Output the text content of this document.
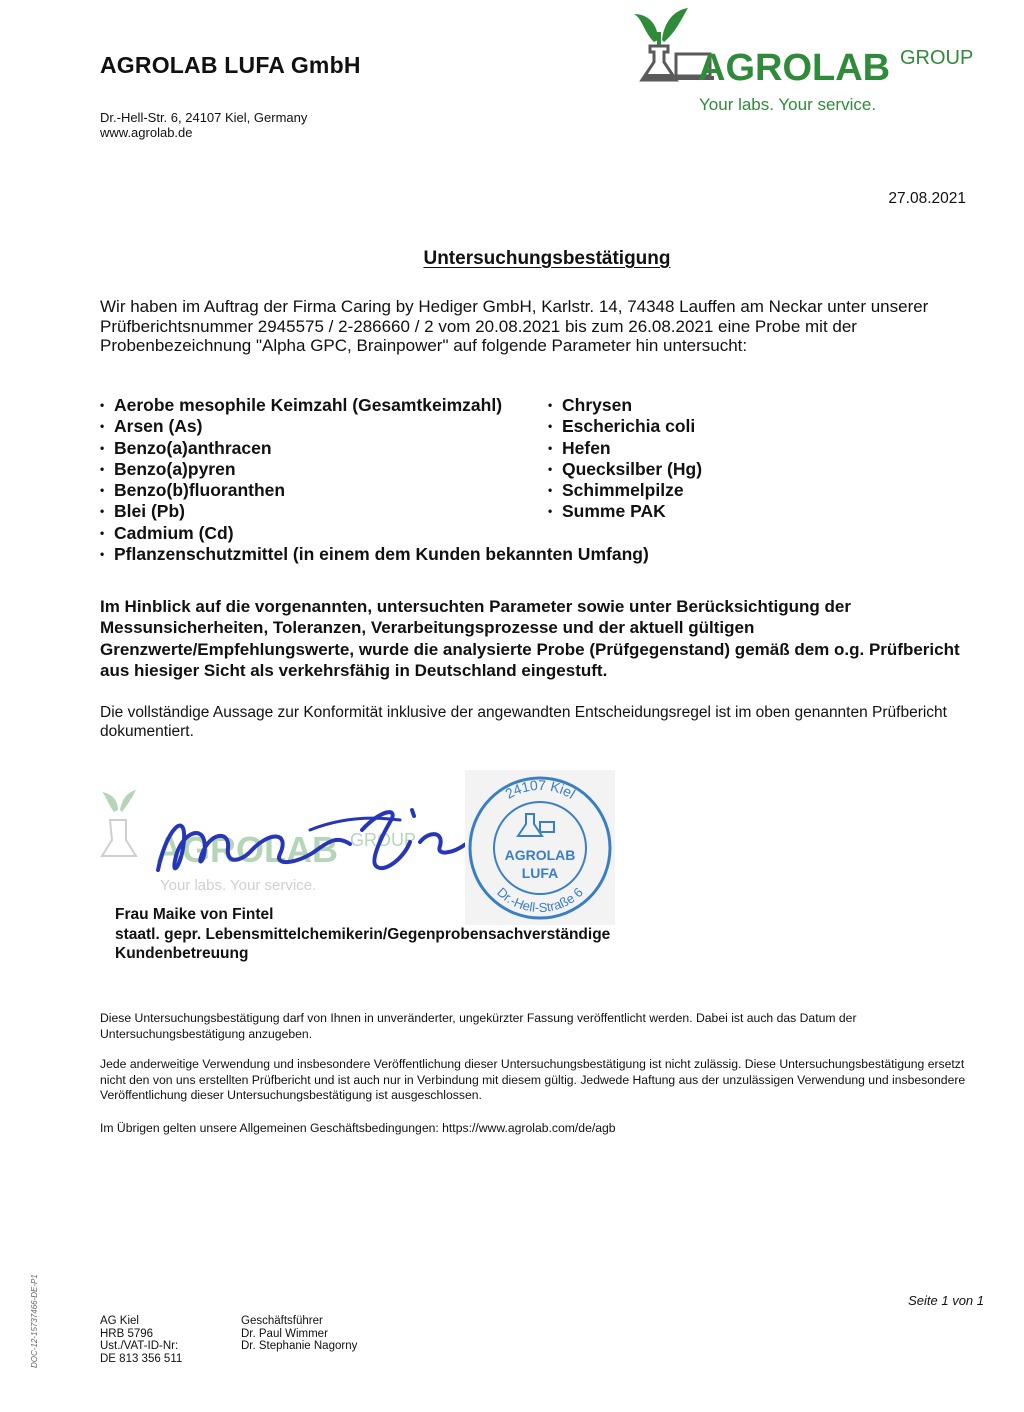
AGROLAB LUFA GmbH
Dr.-Hell-Str. 6, 24107 Kiel, Germany
www.agrolab.de
AGROLAB GROUP
Your labs. Your service.
27.08.2021
Untersuchungsbestätigung
Wir haben im Auftrag der Firma Caring by Hediger GmbH, Karlstr. 14, 74348 Lauffen am Neckar unter unserer Prüfberichtsnummer 2945575 / 2-286660 / 2 vom 20.08.2021 bis zum 26.08.2021 eine Probe mit der Probenbezeichnung "Alpha GPC, Brainpower" auf folgende Parameter hin untersucht:
• Aerobe mesophile Keimzahl (Gesamtkeimzahl)	• Chrysen
• Arsen (As)	• Escherichia coli
• Benzo(a)anthracen	• Hefen
• Benzo(a)pyren	• Quecksilber (Hg)
• Benzo(b)fluoranthen	• Schimmelpilze
• Blei (Pb)	• Summe PAK
• Cadmium (Cd)
• Pflanzenschutzmittel (in einem dem Kunden bekannten Umfang)
Im Hinblick auf die vorgenannten, untersuchten Parameter sowie unter Berücksichtigung der Messunsicherheiten, Toleranzen, Verarbeitungsprozesse und der aktuell gültigen Grenzwerte/Empfehlungswerte, wurde die analysierte Probe (Prüfgegenstand) gemäß dem o.g. Prüfbericht aus hiesiger Sicht als verkehrsfähig in Deutschland eingestuft.
Die vollständige Aussage zur Konformität inklusive der angewandten Entscheidungsregel ist im oben genannten Prüfbericht dokumentiert.
AGROLAB GROUP
Your labs. Your service.
24107 Kiel
Dr.-Hell-Straße 6
AGROLAB
LUFA
Frau Maike von Fintel
staatl. gepr. Lebensmittelchemikerin/Gegenprobensachverständige
Kundenbetreuung
Diese Untersuchungsbestätigung darf von Ihnen in unveränderter, ungekürzter Fassung veröffentlicht werden. Dabei ist auch das Datum der Untersuchungsbestätigung anzugeben.
Jede anderweitige Verwendung und insbesondere Veröffentlichung dieser Untersuchungsbestätigung ist nicht zulässig. Diese Untersuchungsbestätigung ersetzt nicht den von uns erstellten Prüfbericht und ist auch nur in Verbindung mit diesem gültig. Jedwede Haftung aus der unzulässigen Verwendung und insbesondere Veröffentlichung dieser Untersuchungsbestätigung ist ausgeschlossen.
Im Übrigen gelten unsere Allgemeinen Geschäftsbedingungen: https://www.agrolab.com/de/agb
Seite 1 von 1
DOC-12-15737466-DE-P1	AG Kiel
HRB 5796
Ust./VAT-ID-Nr:
DE 813 356 511
Geschäftsführer
Dr. Paul Wimmer
Dr. Stephanie Nagorny
